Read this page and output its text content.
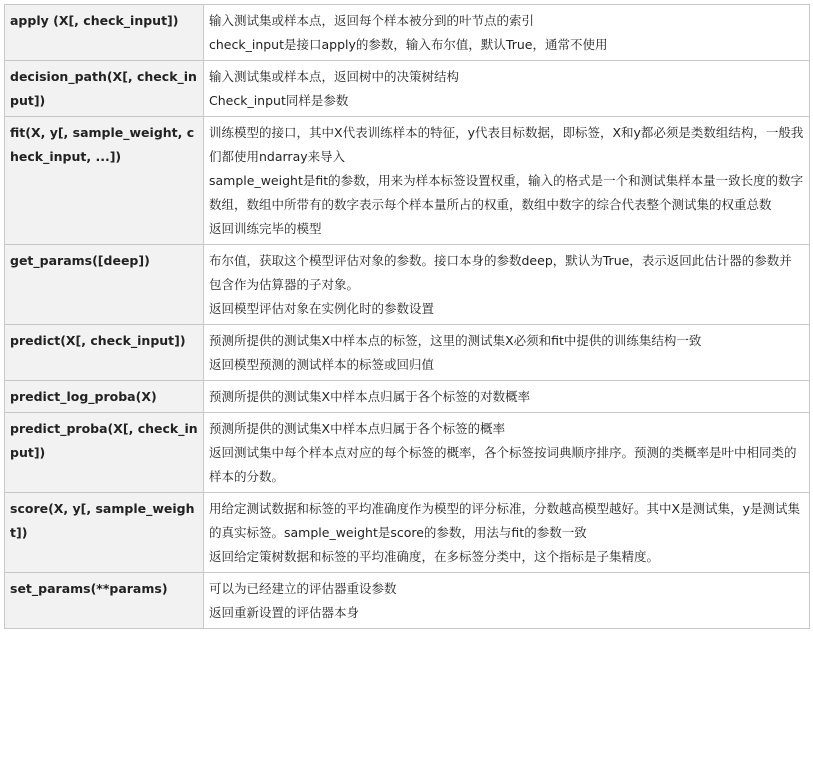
apply (X[, check_input])	输入测试集或样本点，返回每个样本被分到的叶节点的索引
check_input是接口apply的参数，输入布尔值，默认True，通常不使用

decision_path(X[, check_input])	输入测试集或样本点，返回树中的决策树结构
Check_input同样是参数

fit(X, y[, sample_weight, check_input, ...])	训练模型的接口，其中X代表训练样本的特征，y代表目标数据，即标签，X和y都必须是类数组结构，一般我们都使用ndarray来导入
sample_weight是fit的参数，用来为样本标签设置权重，输入的格式是一个和测试集样本量一致长度的数字数组，数组中所带有的数字表示每个样本量所占的权重，数组中数字的综合代表整个测试集的权重总数
返回训练完毕的模型

get_params([deep])	布尔值，获取这个模型评估对象的参数。接口本身的参数deep，默认为True，表示返回此估计器的参数并包含作为估算器的子对象。
返回模型评估对象在实例化时的参数设置

predict(X[, check_input])	预测所提供的测试集X中样本点的标签，这里的测试集X必须和fit中提供的训练集结构一致
返回模型预测的测试样本的标签或回归值

predict_log_proba(X)	预测所提供的测试集X中样本点归属于各个标签的对数概率

predict_proba(X[, check_input])	预测所提供的测试集X中样本点归属于各个标签的概率
返回测试集中每个样本点对应的每个标签的概率，各个标签按词典顺序排序。预测的类概率是叶中相同类的样本的分数。

score(X, y[, sample_weight])	用给定测试数据和标签的平均准确度作为模型的评分标准，分数越高模型越好。其中X是测试集，y是测试集的真实标签。sample_weight是score的参数，用法与fit的参数一致
返回给定策树数据和标签的平均准确度，在多标签分类中，这个指标是子集精度。

set_params(**params)	可以为已经建立的评估器重设参数
返回重新设置的评估器本身
